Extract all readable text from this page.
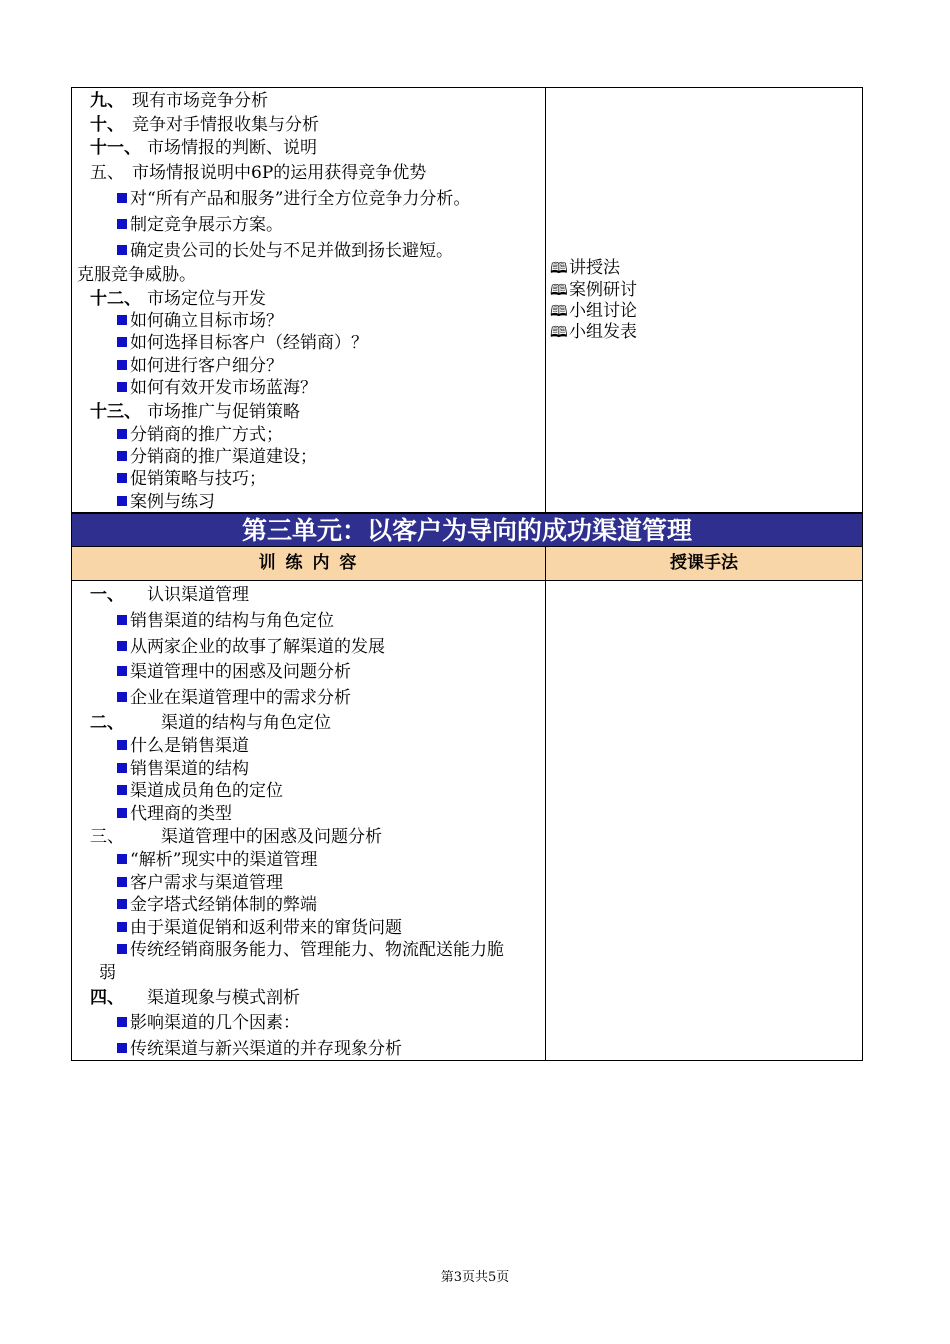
九、 现有市场竞争分析
十、 竞争对手情报收集与分析
十一、 市场情报的判断、说明
五、 市场情报说明中6P的运用获得竞争优势
对“所有产品和服务”进行全方位竞争力分析。
制定竞争展示方案。
确定贵公司的长处与不足并做到扬长避短。
克服竞争威胁。
十二、 市场定位与开发
如何确立目标市场？
如何选择目标客户（经销商）？
如何进行客户细分？
如何有效开发市场蓝海？
十三、 市场推广与促销策略
分销商的推广方式；
分销商的推广渠道建设；
促销策略与技巧；
案例与练习
🕮讲授法
🕮案例研讨
🕮小组讨论
🕮小组发表
第三单元：以客户为导向的成功渠道管理
训 练 内 容	授课手法
一、 认识渠道管理
销售渠道的结构与角色定位
从两家企业的故事了解渠道的发展
渠道管理中的困惑及问题分析
企业在渠道管理中的需求分析
二、 渠道的结构与角色定位
什么是销售渠道
销售渠道的结构
渠道成员角色的定位
代理商的类型
三、 渠道管理中的困惑及问题分析
“解析”现实中的渠道管理
客户需求与渠道管理
金字塔式经销体制的弊端
由于渠道促销和返利带来的窜货问题
传统经销商服务能力、管理能力、物流配送能力脆
弱
四、 渠道现象与模式剖析
影响渠道的几个因素：
传统渠道与新兴渠道的并存现象分析
第3页共5页
